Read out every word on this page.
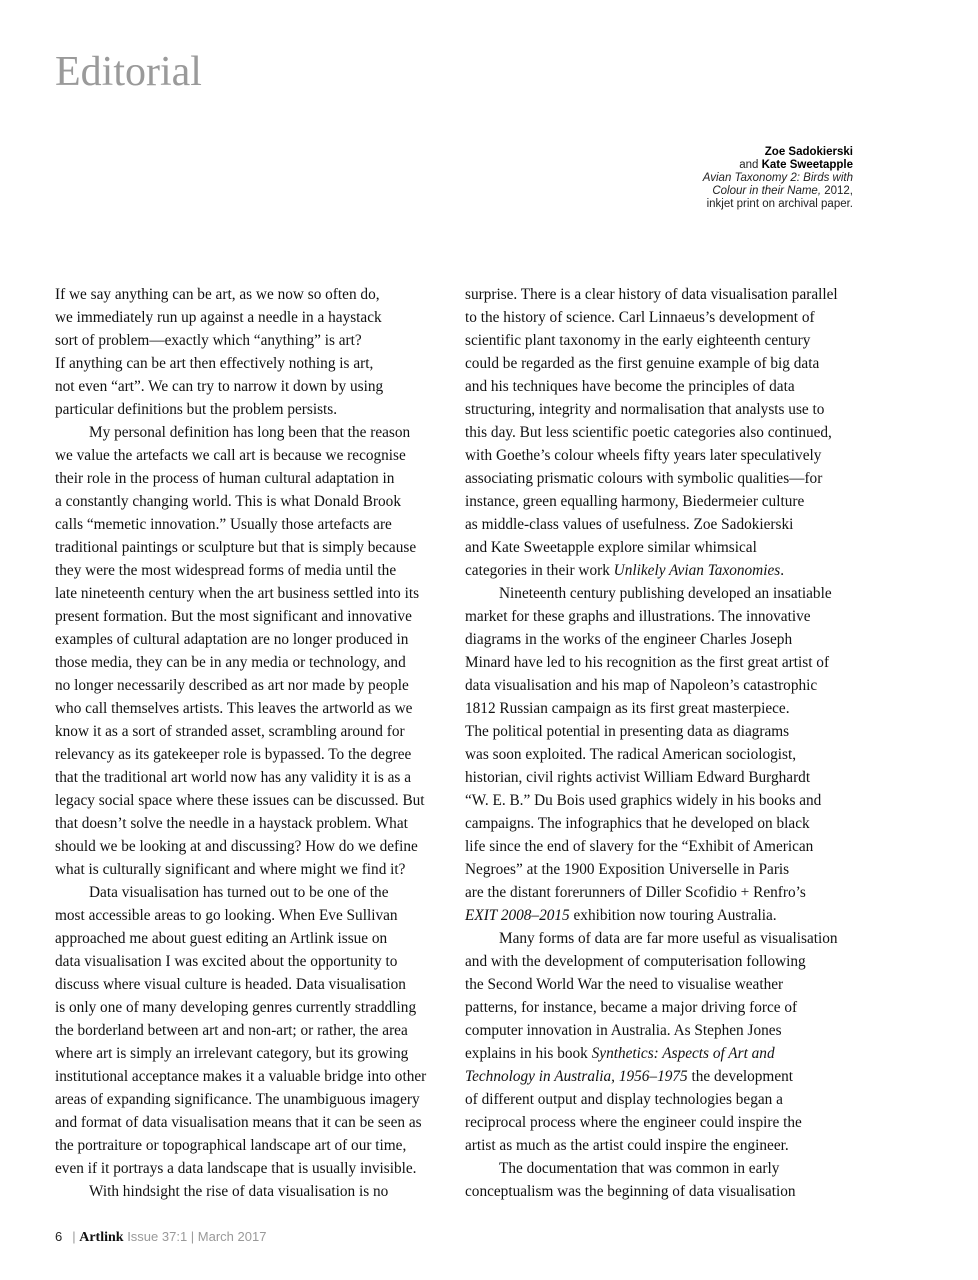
Editorial
Zoe Sadokierski
and Kate Sweetapple
Avian Taxonomy 2: Birds with
Colour in their Name, 2012,
inkjet print on archival paper.
If we say anything can be art, as we now so often do,
we immediately run up against a needle in a haystack
sort of problem—exactly which “anything” is art?
If anything can be art then effectively nothing is art,
not even “art”. We can try to narrow it down by using
particular definitions but the problem persists.
My personal definition has long been that the reason
we value the artefacts we call art is because we recognise
their role in the process of human cultural adaptation in
a constantly changing world. This is what Donald Brook
calls “memetic innovation.” Usually those artefacts are
traditional paintings or sculpture but that is simply because
they were the most widespread forms of media until the
late nineteenth century when the art business settled into its
present formation. But the most significant and innovative
examples of cultural adaptation are no longer produced in
those media, they can be in any media or technology, and
no longer necessarily described as art nor made by people
who call themselves artists. This leaves the artworld as we
know it as a sort of stranded asset, scrambling around for
relevancy as its gatekeeper role is bypassed. To the degree
that the traditional art world now has any validity it is as a
legacy social space where these issues can be discussed. But
that doesn’t solve the needle in a haystack problem. What
should we be looking at and discussing? How do we define
what is culturally significant and where might we find it?
Data visualisation has turned out to be one of the
most accessible areas to go looking. When Eve Sullivan
approached me about guest editing an Artlink issue on
data visualisation I was excited about the opportunity to
discuss where visual culture is headed. Data visualisation
is only one of many developing genres currently straddling
the borderland between art and non-art; or rather, the area
where art is simply an irrelevant category, but its growing
institutional acceptance makes it a valuable bridge into other
areas of expanding significance. The unambiguous imagery
and format of data visualisation means that it can be seen as
the portraiture or topographical landscape art of our time,
even if it portrays a data landscape that is usually invisible.
With hindsight the rise of data visualisation is no
surprise. There is a clear history of data visualisation parallel
to the history of science. Carl Linnaeus’s development of
scientific plant taxonomy in the early eighteenth century
could be regarded as the first genuine example of big data
and his techniques have become the principles of data
structuring, integrity and normalisation that analysts use to
this day. But less scientific poetic categories also continued,
with Goethe’s colour wheels fifty years later speculatively
associating prismatic colours with symbolic qualities—for
instance, green equalling harmony, Biedermeier culture
as middle-class values of usefulness. Zoe Sadokierski
and Kate Sweetapple explore similar whimsical
categories in their work Unlikely Avian Taxonomies.
Nineteenth century publishing developed an insatiable
market for these graphs and illustrations. The innovative
diagrams in the works of the engineer Charles Joseph
Minard have led to his recognition as the first great artist of
data visualisation and his map of Napoleon’s catastrophic
1812 Russian campaign as its first great masterpiece.
The political potential in presenting data as diagrams
was soon exploited. The radical American sociologist,
historian, civil rights activist William Edward Burghardt
“W. E. B.” Du Bois used graphics widely in his books and
campaigns. The infographics that he developed on black
life since the end of slavery for the “Exhibit of American
Negroes” at the 1900 Exposition Universelle in Paris
are the distant forerunners of Diller Scofidio + Renfro’s
EXIT 2008–2015 exhibition now touring Australia.
Many forms of data are far more useful as visualisation
and with the development of computerisation following
the Second World War the need to visualise weather
patterns, for instance, became a major driving force of
computer innovation in Australia. As Stephen Jones
explains in his book Synthetics: Aspects of Art and
Technology in Australia, 1956–1975 the development
of different output and display technologies began a
reciprocal process where the engineer could inspire the
artist as much as the artist could inspire the engineer.
The documentation that was common in early
conceptualism was the beginning of data visualisation
6 | Artlink Issue 37:1 | March 2017
